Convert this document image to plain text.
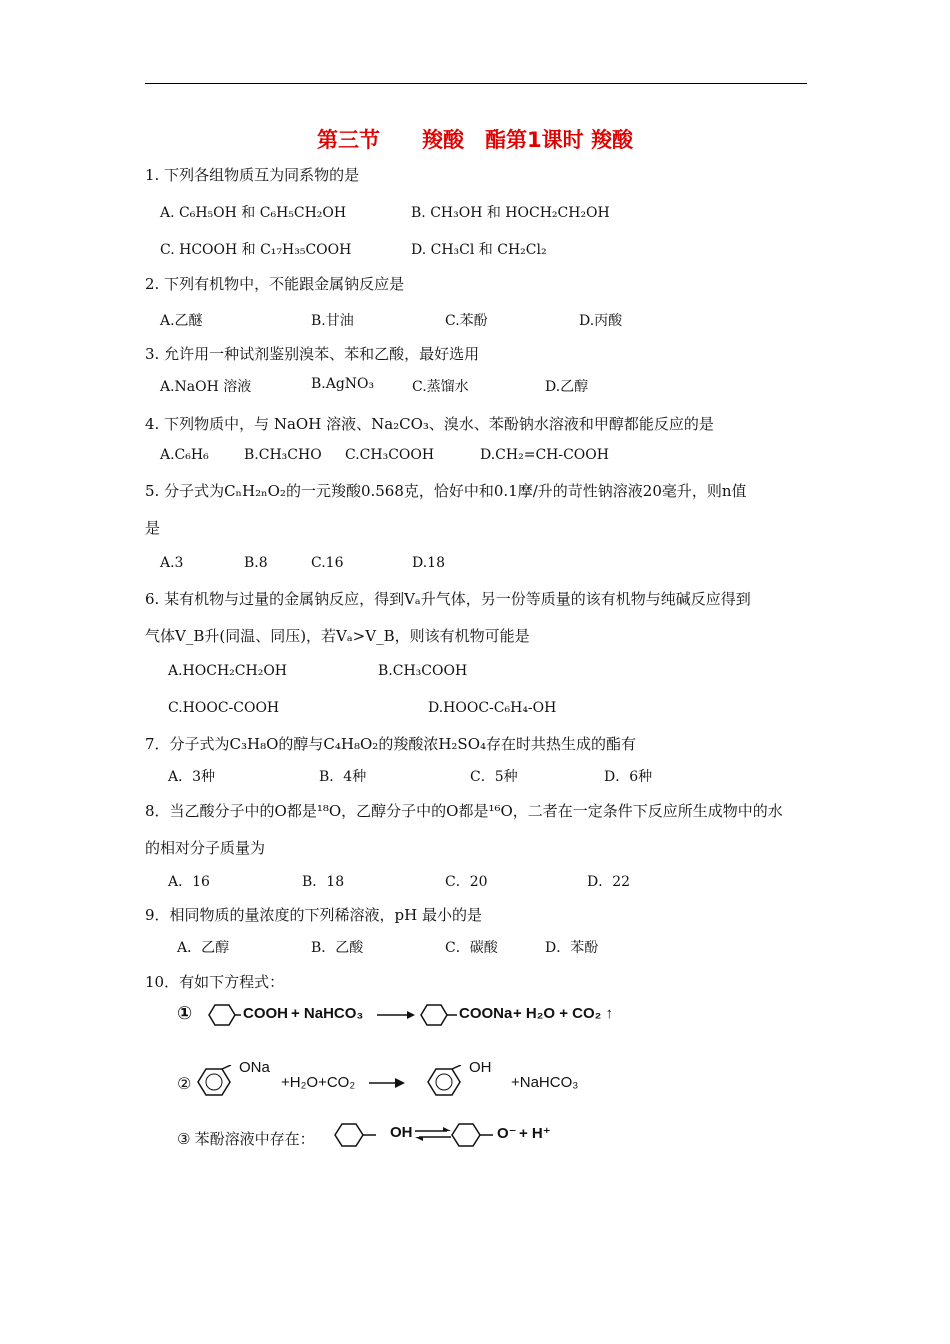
第三节　　羧酸　酯第1课时 羧酸
1. 下列各组物质互为同系物的是
A. C₆H₅OH 和 C₆H₅CH₂OH	B. CH₃OH 和 HOCH₂CH₂OH
C. HCOOH 和 C₁₇H₃₅COOH	D. CH₃Cl 和 CH₂Cl₂
2. 下列有机物中，不能跟金属钠反应是
A.乙醚	B.甘油	C.苯酚	D.丙酸
3. 允许用一种试剂鉴别溴苯、苯和乙酸，最好选用
A.NaOH 溶液	B.AgNO₃	C.蒸馏水	D.乙醇
4. 下列物质中，与 NaOH 溶液、Na₂CO₃、溴水、苯酚钠水溶液和甲醇都能反应的是
A.C₆H₆	B.CH₃CHO C.CH₃COOH	D.CH₂=CH-COOH
5. 分子式为CₙH₂ₙO₂的一元羧酸0.568克，恰好中和0.1摩/升的苛性钠溶液20毫升，则n值
是
A.3	B.8	C.16	D.18
6. 某有机物与过量的金属钠反应，得到Vₐ升气体，另一份等质量的该有机物与纯碱反应得到
气体V_B升(同温、同压)，若Vₐ>V_B，则该有机物可能是
A.HOCH₂CH₂OH	B.CH₃COOH
C.HOOC-COOH	D.HOOC-C₆H₄-OH
7．分子式为C₃H₈O的醇与C₄H₈O₂的羧酸浓H₂SO₄存在时共热生成的酯有
A．3种	B．4种	C．5种	D．6种
8．当乙酸分子中的O都是¹⁸O，乙醇分子中的O都是¹⁶O，二者在一定条件下反应所生成物中的水
的相对分子质量为
A．16	B．18	C．20	D．22
9．相同物质的量浓度的下列稀溶液，pH 最小的是
A．乙醇	B．乙酸	C．碳酸	D．苯酚
10．有如下方程式：
①	COOH + NaHCO₃	COONa + H₂O + CO₂ ↑
②
ONa
+H₂O+CO₂
OH
+NaHCO₃
③ 苯酚溶液中存在：	OH ⇌	O⁻ + H⁺
